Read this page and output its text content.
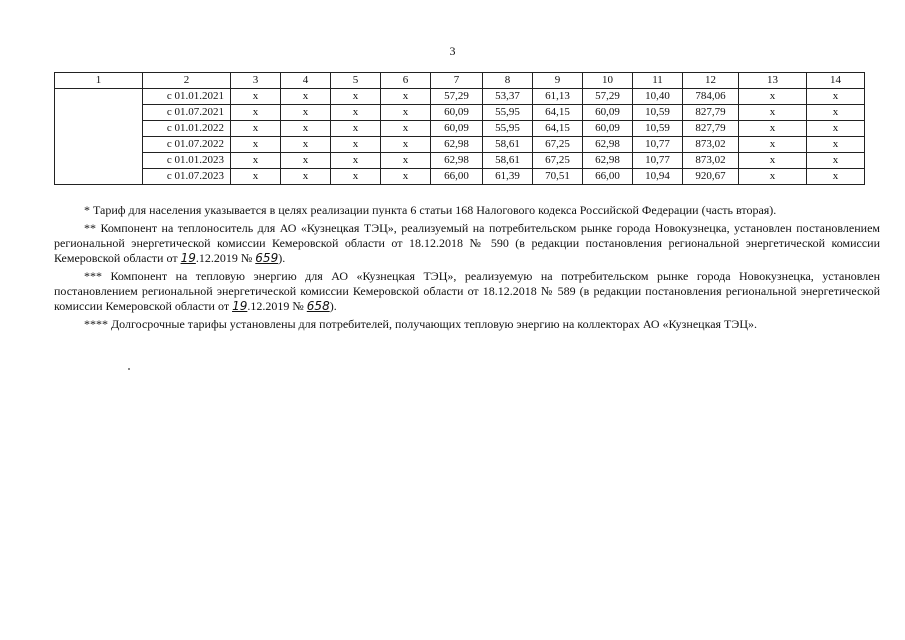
3
1	2	3	4	5	6	7	8	9	10	11	12	13	14
	с 01.01.2021	х	х	х	х	57,29	53,37	61,13	57,29	10,40	784,06	х	х
	с 01.07.2021	х	х	х	х	60,09	55,95	64,15	60,09	10,59	827,79	х	х
	с 01.01.2022	х	х	х	х	60,09	55,95	64,15	60,09	10,59	827,79	х	х
	с 01.07.2022	х	х	х	х	62,98	58,61	67,25	62,98	10,77	873,02	х	х
	с 01.01.2023	х	х	х	х	62,98	58,61	67,25	62,98	10,77	873,02	х	х
	с 01.07.2023	х	х	х	х	66,00	61,39	70,51	66,00	10,94	920,67	х	х

* Тариф для населения указывается в целях реализации пункта 6 статьи 168 Налогового кодекса Российской Федерации (часть вторая).

** Компонент на теплоноситель для АО «Кузнецкая ТЭЦ», реализуемый на потребительском рынке города Новокузнецка, установлен постановлением региональной энергетической комиссии Кемеровской области от 18.12.2018 № 590 (в редакции постановления региональной энергетической комиссии Кемеровской области от 19.12.2019 № 659).

*** Компонент на тепловую энергию для АО «Кузнецкая ТЭЦ», реализуемую на потребительском рынке города Новокузнецка, установлен постановлением региональной энергетической комиссии Кемеровской области от 18.12.2018 № 589 (в редакции постановления региональной энергетической комиссии Кемеровской области от 19.12.2019 № 658).

**** Долгосрочные тарифы установлены для потребителей, получающих тепловую энергию на коллекторах АО «Кузнецкая ТЭЦ».
